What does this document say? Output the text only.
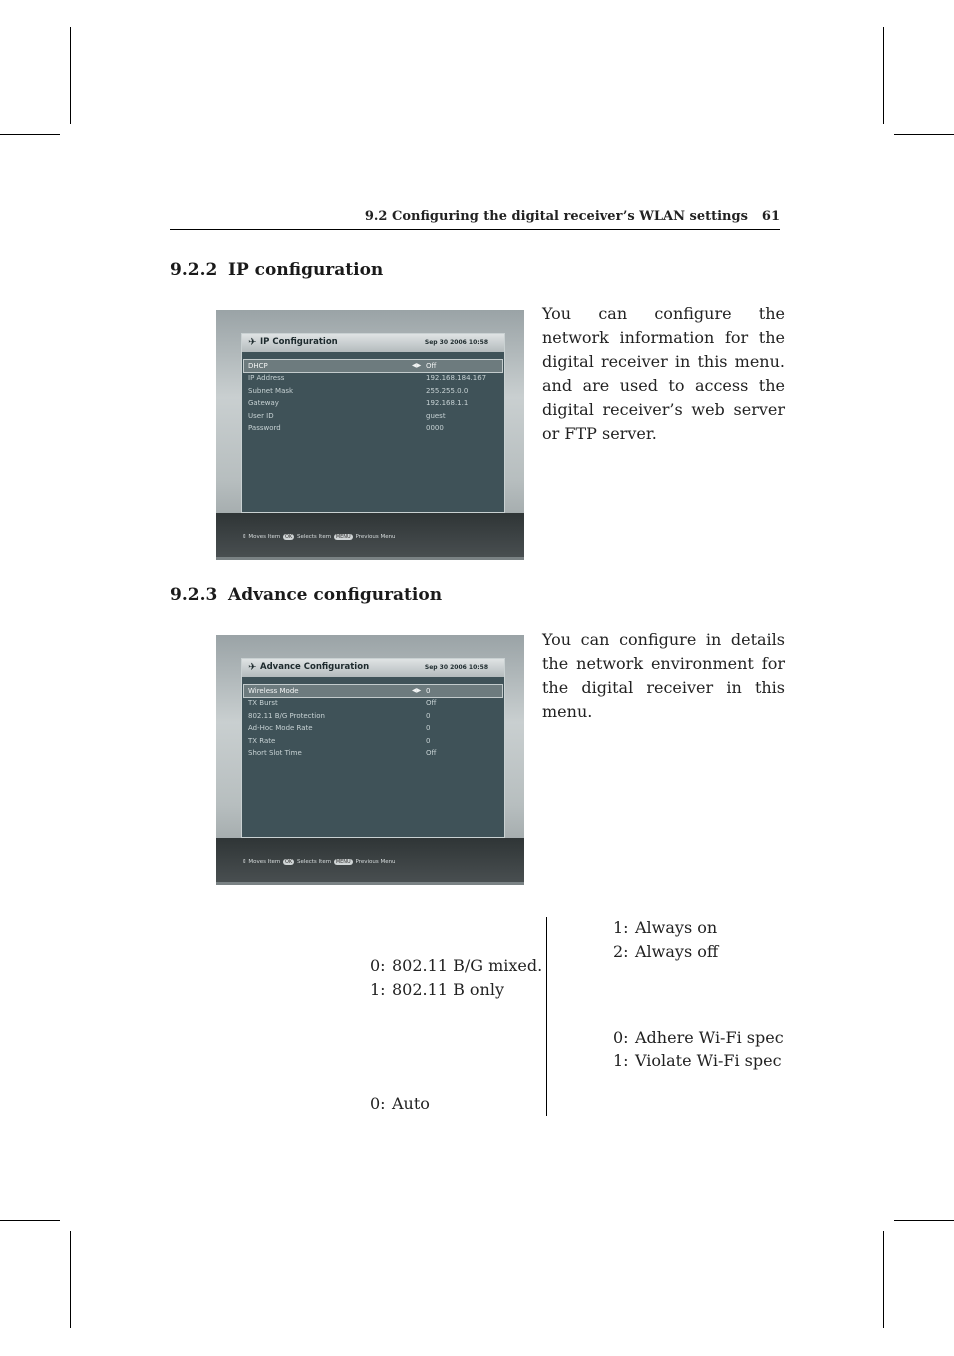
9.2 Configuring the digital receiver’s WLAN settings 61
9.2.2 IP configuration
✈ IP Configuration	Sep 30 2006 10:58
DHCP	◀▶ Off
IP Address	192.168.184.167
Subnet Mask	255.255.0.0
Gateway	192.168.1.1
User ID	guest
Password	0000
⇕ Moves Item OK Selects Item MENU Previous Menu
You can configure the network information for the digital receiver in this menu. and are used to access the digital receiver’s web server or FTP server.
9.2.3 Advance configuration
✈ Advance Configuration	Sep 30 2006 10:58
Wireless Mode	◀▶ 0
TX Burst	Off
802.11 B/G Protection	0
Ad-Hoc Mode Rate	0
TX Rate	0
Short Slot Time	Off
⇕ Moves Item OK Selects Item MENU Previous Menu
You can configure in details the network environment for the digital receiver in this menu.
0: 802.11 B/G mixed.
1: 802.11 B only
0: Auto
1: Always on
2: Always off
0: Adhere Wi-Fi spec
1: Violate Wi-Fi spec
